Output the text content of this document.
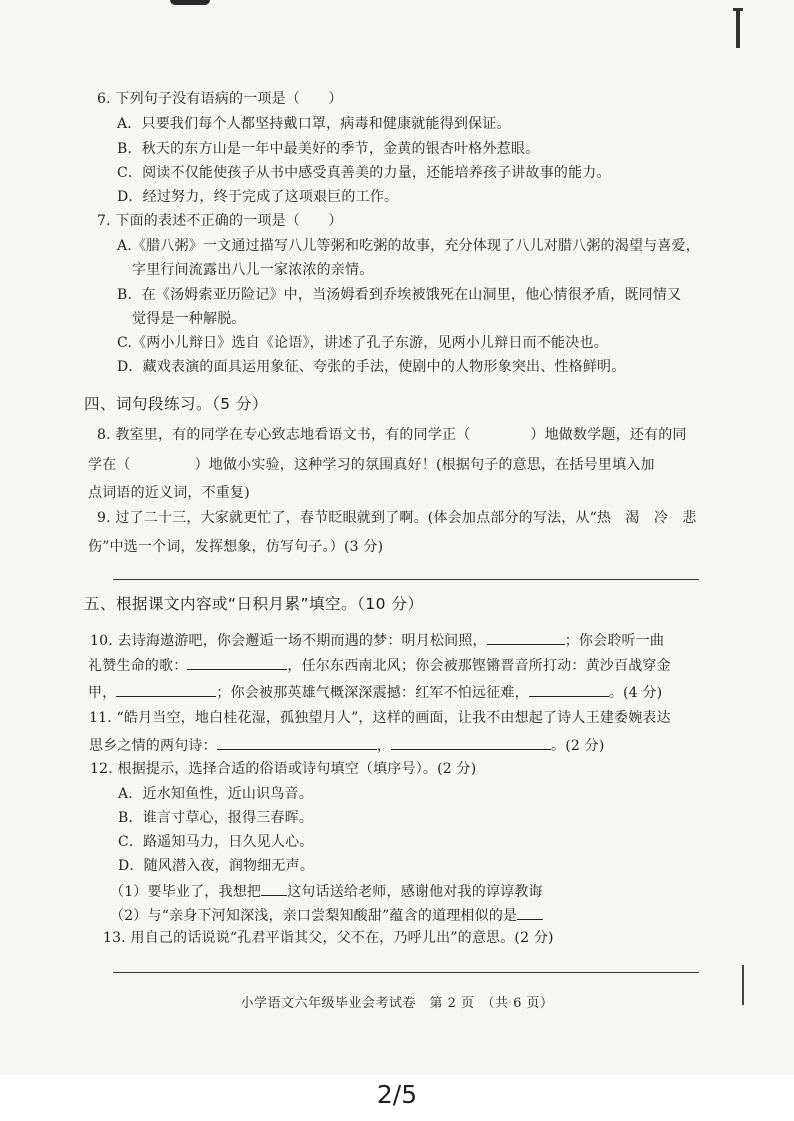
6. 下列句子没有语病的一项是（　　）
A．只要我们每个人都坚持戴口罩，病毒和健康就能得到保证。
B．秋天的东方山是一年中最美好的季节，金黄的银杏叶格外惹眼。
C．阅读不仅能使孩子从书中感受真善美的力量，还能培养孩子讲故事的能力。
D．经过努力，终于完成了这项艰巨的工作。
7. 下面的表述不正确的一项是（　　）
A.《腊八粥》一文通过描写八儿等粥和吃粥的故事，充分体现了八儿对腊八粥的渴望与喜爱，
字里行间流露出八儿一家浓浓的亲情。
B．在《汤姆索亚历险记》中，当汤姆看到乔埃被饿死在山洞里，他心情很矛盾，既同情又
觉得是一种解脱。
C.《两小儿辩日》选自《论语》，讲述了孔子东游，见两小儿辩日而不能决也。
D．藏戏表演的面具运用象征、夸张的手法，使剧中的人物形象突出、性格鲜明。
四、词句段练习。（5 分）
8. 教室里，有的同学在专心致志地看语文书，有的同学正（	）地做数学题，还有的同
学在（	）地做小实验，这种学习的氛围真好！(根据句子的意思，在括号里填入加
点词语的近义词，不重复)
9. 过了二十三，大家就更忙了，春节眨眼就到了啊。(体会加点部分的写法，从“热　渴　冷　悲
伤”中选一个词，发挥想象，仿写句子。）(3 分)
五、根据课文内容或“日积月累”填空。（10 分）
10. 去诗海遨游吧，你会邂逅一场不期而遇的梦：明月松间照，	；你会聆听一曲
礼赞生命的歌：	，任尔东西南北风；你会被那铿锵晋音所打动：黄沙百战穿金
甲，	；你会被那英雄气概深深震撼：红军不怕远征难，	。(4 分)
11. “皓月当空，地白桂花湿，孤独望月人”，这样的画面，让我不由想起了诗人王建委婉表达
思乡之情的两句诗：	，	。(2 分)
12. 根据提示，选择合适的俗语或诗句填空（填序号）。(2 分)
A．近水知鱼性，近山识鸟音。
B．谁言寸草心，报得三春晖。
C．路遥知马力，日久见人心。
D．随风潜入夜，润物细无声。
（1）要毕业了，我想把 这句话送给老师，感谢他对我的谆谆教诲
（2）与“亲身下河知深浅，亲口尝梨知酸甜”蕴含的道理相似的是
13. 用自己的话说说“孔君平诣其父，父不在，乃呼儿出”的意思。(2 分)
小学语文六年级毕业会考试卷　第 2 页　（共 6 页）
2/5
